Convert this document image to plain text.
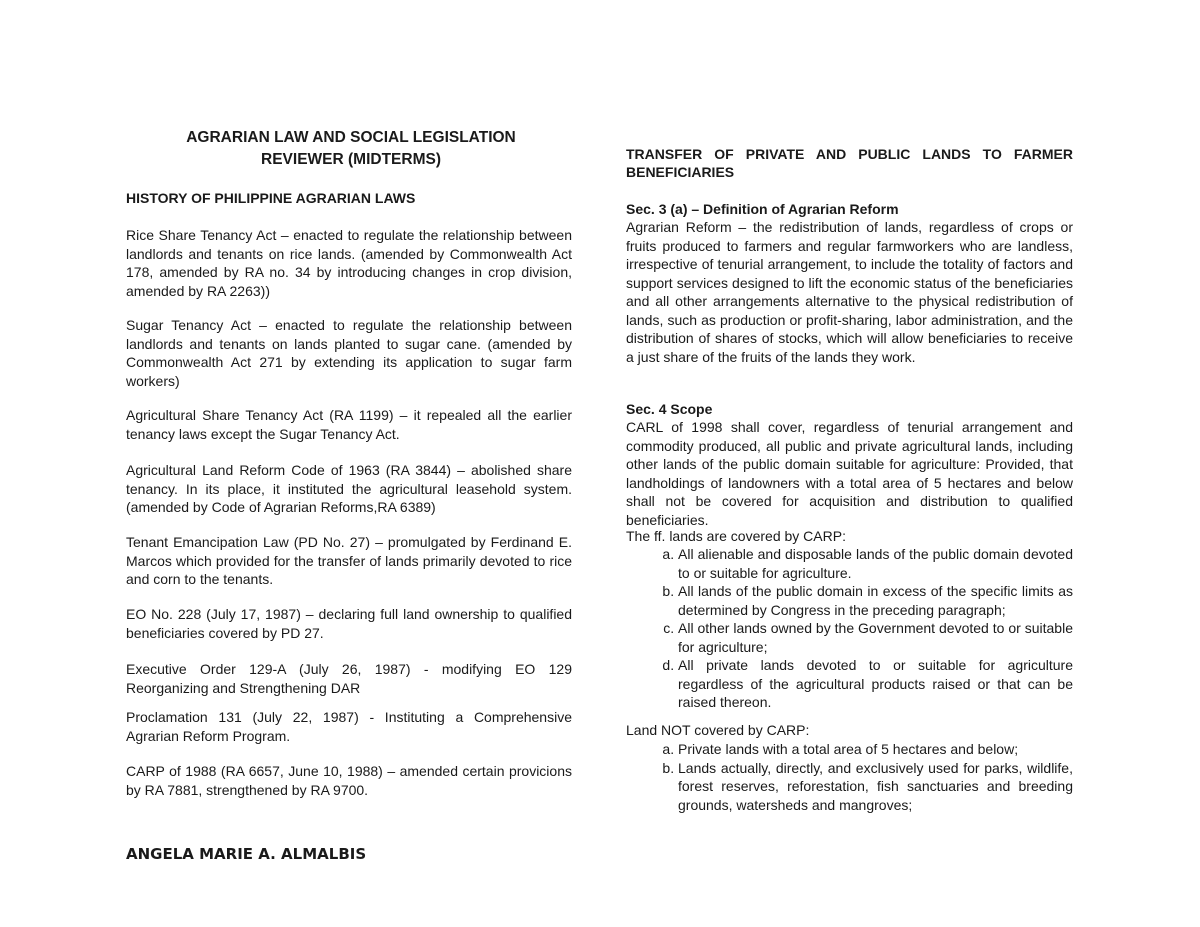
AGRARIAN LAW AND SOCIAL LEGISLATION
REVIEWER (MIDTERMS)
HISTORY OF PHILIPPINE AGRARIAN LAWS

Rice Share Tenancy Act – enacted to regulate the relationship between landlords and tenants on rice lands. (amended by Commonwealth Act 178, amended by RA no. 34 by introducing changes in crop division, amended by RA 2263))

Sugar Tenancy Act – enacted to regulate the relationship between landlords and tenants on lands planted to sugar cane. (amended by Commonwealth Act 271 by extending its application to sugar farm workers)

Agricultural Share Tenancy Act (RA 1199) – it repealed all the earlier tenancy laws except the Sugar Tenancy Act.

Agricultural Land Reform Code of 1963 (RA 3844) – abolished share tenancy. In its place, it instituted the agricultural leasehold system. (amended by Code of Agrarian Reforms,RA 6389)

Tenant Emancipation Law (PD No. 27) – promulgated by Ferdinand E. Marcos which provided for the transfer of lands primarily devoted to rice and corn to the tenants.

EO No. 228 (July 17, 1987) – declaring full land ownership to qualified beneficiaries covered by PD 27.

Executive Order 129-A (July 26, 1987) - modifying EO 129 Reorganizing and Strengthening DAR

Proclamation 131 (July 22, 1987) - Instituting a Comprehensive Agrarian Reform Program.

CARP of 1988 (RA 6657, June 10, 1988) – amended certain provicions by RA 7881, strengthened by RA 9700.

ANGELA MARIE A. ALMALBIS
TRANSFER OF PRIVATE AND PUBLIC LANDS TO FARMER BENEFICIARIES
Sec. 3 (a) – Definition of Agrarian Reform

Agrarian Reform – the redistribution of lands, regardless of crops or fruits produced to farmers and regular farmworkers who are landless, irrespective of tenurial arrangement, to include the totality of factors and support services designed to lift the economic status of the beneficiaries and all other arrangements alternative to the physical redistribution of lands, such as production or profit-sharing, labor administration, and the distribution of shares of stocks, which will allow beneficiaries to receive a just share of the fruits of the lands they work.

Sec. 4 Scope

CARL of 1998 shall cover, regardless of tenurial arrangement and commodity produced, all public and private agricultural lands, including other lands of the public domain suitable for agriculture: Provided, that landholdings of landowners with a total area of 5 hectares and below shall not be covered for acquisition and distribution to qualified beneficiaries.

The ff. lands are covered by CARP:
a. All alienable and disposable lands of the public domain devoted to or suitable for agriculture.
b. All lands of the public domain in excess of the specific limits as determined by Congress in the preceding paragraph;
c. All other lands owned by the Government devoted to or suitable for agriculture;
d. All private lands devoted to or suitable for agriculture regardless of the agricultural products raised or that can be raised thereon.
Land NOT covered by CARP:
a. Private lands with a total area of 5 hectares and below;
b. Lands actually, directly, and exclusively used for parks, wildlife, forest reserves, reforestation, fish sanctuaries and breeding grounds, watersheds and mangroves;
